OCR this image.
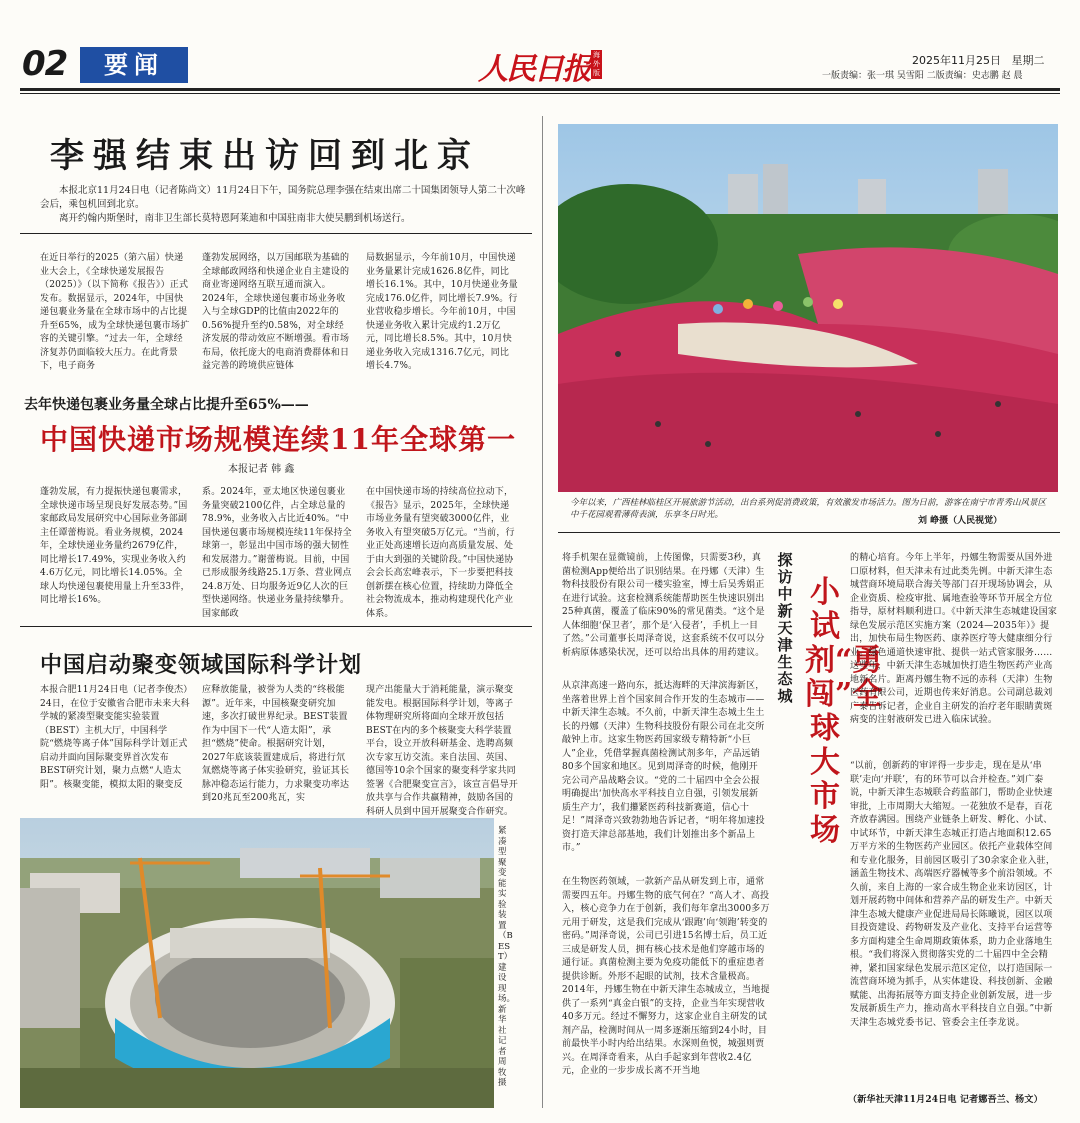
02	要闻	人民日报 海外版
2025年11月25日 星期二
一版责编：张一琪 吴雪阳 二版责编：史志鹏 赵 晨
李强结束出访回到北京

本报北京11月24日电（记者陈尚文）11月24日下午，国务院总理李强在结束出席二十国集团领导人第二十次峰会后，乘包机回到北京。

离开约翰内斯堡时，南非卫生部长莫特恩阿莱迪和中国驻南非大使吴鹏到机场送行。

在近日举行的2025（第六届）快递业大会上，《全球快递发展报告（2025）》（以下简称《报告》）正式发布。数据显示，2024年，中国快递包裹业务量在全球市场中的占比提升至65%，成为全球快递包裹市场扩容的关键引擎。“过去一年，全球经济复苏仍面临较大压力。在此背景下，电子商务
蓬勃发展网络，以万国邮联为基础的全球邮政网络和快递企业自主建设的商业寄递网络互联互通而演入。2024年，全球快递包裹市场业务收入与全球GDP的比值由2022年的0.56%提升至约0.58%，对全球经济发展的带动效应不断增强。看市场布局，依托庞大的电商消费群体和日益完善的跨境供应链体
局数据显示，今年前10月，中国快递业务量累计完成1626.8亿件，同比增长16.1%。其中，10月快递业务量完成176.0亿件，同比增长7.9%。行业营收稳步增长。今年前10月，中国快递业务收入累计完成约1.2万亿元，同比增长8.5%。其中，10月快递业务收入完成1316.7亿元，同比增长4.7%。
去年快递包裹业务量全球占比提升至65%——
中国快递市场规模连续11年全球第一
本报记者 韩 鑫
蓬勃发展，有力提振快递包裹需求，全球快递市场呈现良好发展态势。”国家邮政局发展研究中心国际业务部副主任谭蕾梅说。看业务规模，2024年，全球快递业务量约2679亿件，同比增长17.49%，实现业务收入约4.6万亿元，同比增长14.05%。全球人均快递包裹使用量上升至33件，同比增长16%。
系。2024年，亚太地区快递包裹业务量突破2100亿件，占全球总量的78.9%，业务收入占比近40%。“中国快递包裹市场规模连续11年保持全球第一，彰显出中国市场的强大韧性和发展潜力。”谢蕾梅说。目前，中国已形成服务线路25.1万条、营业网点24.8万处、日均服务近9亿人次的巨型快递网络。快递业务量持续攀升。国家邮政
在中国快递市场的持续高位拉动下，《报告》显示，2025年，全球快递市场业务量有望突破3000亿件，业务收入有望突破5万亿元。“当前，行业正处高速增长迈向高质量发展、处于由大到强的关键阶段。”中国快递协会会长高宏峰表示，下一步要把科技创新摆在核心位置，持续助力降低全社会物流成本，推动构建现代化产业体系。
中国启动聚变领域国际科学计划
本报合肥11月24日电（记者李俊杰）24日，在位于安徽省合肥市未来大科学城的紧凑型聚变能实验装置（BEST）主机大厅，中国科学院“燃烧等离子体”国际科学计划正式启动并面向国际聚变界首次发布BEST研究计划，聚力点燃“人造太阳”。核聚变能，模拟太阳的聚变反
应释放能量，被誉为人类的“终极能源”。近年来，中国核聚变研究加速，多次打破世界纪录。BEST装置作为中国下一代“人造太阳”，承担“燃烧”使命。根据研究计划，2027年底该装置建成后，将进行氘氚燃烧等离子体实验研究，验证其长脉冲稳态运行能力，力求聚变功率达到20兆瓦至200兆瓦，实
现产出能量大于消耗能量，演示聚变能发电。根据国际科学计划，等离子体物理研究所将面向全球开放包括BEST在内的多个核聚变大科学装置平台，设立开放科研基金、选聘高频次专家互访交流。来自法国、英国、德国等10余个国家的聚变科学家共同签署《合肥聚变宣言》，该宣言倡导开放共享与合作共赢精神，鼓励各国的科研人员到中国开展聚变合作研究。
紧凑型聚变能实验装置（BEST）建设现场。新华社记者 周 牧摄
今年以来，广西桂林临桂区开展旅游节活动，出台系列促消费政策，有效激发市场活力。图为日前，游客在南宁市青秀山风景区中千花园观看薄荷表演，乐享冬日时光。
刘 峥摄（人民视觉）
探访中新天津生态城
小试剂“勇闯”全球大市场
将手机架在显微镜前，上传图像，只需要3秒，真菌检测App便给出了识别结果。在丹娜（天津）生物科技股份有限公司一楼实验室，博士后吴秀娟正在进行试验。这套检测系统能帮助医生快速识别出25种真菌，覆盖了临床90%的常见菌类。“这个是人体细胞‘保卫者’，那个是‘入侵者’，手机上一目了然。”公司董事长周泽奇说，这套系统不仅可以分析病原体感染状况，还可以给出具体的用药建议。
从京津高速一路向东，抵达海畔的天津滨海新区，坐落着世界上首个国家间合作开发的生态城市——中新天津生态城。不久前，中新天津生态城土生土长的丹娜（天津）生物科技股份有限公司在北交所敲钟上市。这家生物医药国家级专精特新“小巨人”企业，凭借掌握真菌检测试剂多年，产品远销80多个国家和地区。见到周泽奇的时候，他刚开完公司产品战略会议。“党的二十届四中全会公报明确提出‘加快高水平科技自立自强，引领发展新质生产力’，我们攥紧医药科技新赛道，信心十足！”周泽奇兴致勃勃地告诉记者，“明年将加速投资打造天津总部基地，我们计划推出多个新品上市。”
在生物医药领域，一款新产品从研发到上市，通常需要四五年。丹娜生物的底气何在？“高人才、高投入，核心竞争力在于创新，我们每年拿出3000多万元用于研发，这是我们完成从‘跟跑’向‘领跑’转变的密码。”周泽奇说，公司已引进15名博士后，员工近三成是研发人员，拥有核心技术是他们穿越市场的通行证。真菌检测主要为免疫功能低下的重症患者提供诊断。外形不起眼的试剂，技术含量极高。2014年，丹娜生物在中新天津生态城成立，当地提供了一系列“真金白银”的支持，企业当年实现营收40多万元。经过不懈努力，这家企业自主研发的试剂产品，检测时间从一周多逐渐压缩到24小时，目前最快半小时内给出结果。水深则鱼悦，城强则贾兴。在周泽奇看来，从白手起家到年营收2.4亿元，企业的一步步成长离不开当地
的精心培育。今年上半年，丹娜生物需要从国外进口原材料，但天津未有过此类先例。中新天津生态城营商环境局联合海关等部门召开现场协调会，从企业资质、检疫审批、属地查验等环节开展全方位指导，原材料顺利进口。《中新天津生态城建设国家绿色发展示范区实施方案（2024—2035年）》提出，加快布局生物医药、康养医疗等大健康细分行业。绿色通道快速审批、提供一站式管家服务……这些年，中新天津生态城加快打造生物医药产业高地新名片。距离丹娜生物不远的赤科（天津）生物医药有限公司，近期也传来好消息。公司副总裁刘广泰告诉记者，企业自主研发的治疗老年眼睛黄斑病变的注射液研发已进入临床试验。
“以前，创新药的审评得一步步走，现在是从‘串联’走向‘并联’，有的环节可以合并检查。”刘广泰说，中新天津生态城联合药监部门，帮助企业快速审批，上市周期大大缩短。一花独放不是春，百花齐放春满园。围绕产业链条上研发、孵化、小试、中试环节，中新天津生态城正打造占地面积12.65万平方米的生物医药产业园区。依托产业载体空间和专业化服务，目前园区吸引了30余家企业入驻，涵盖生物技术、高端医疗器械等多个前沿领域。不久前，来自上海的一家合成生物企业来访园区，计划开展药物中间体和营养产品的研发生产。中新天津生态城大健康产业促进局局长陈曦说，园区以项目投资建设、药物研发及产业化、支持平台运营等多方面构建全生命周期政策体系，助力企业落地生根。“我们将深入贯彻落实党的二十届四中全会精神，紧扣国家绿色发展示范区定位，以打造国际一流营商环境为抓手，从实体建设、科技创新、金融赋能、出海拓展等方面支持企业创新发展，进一步发展新质生产力，推动高水平科技自立自强。”中新天津生态城党委书记、管委会主任李龙说。
（新华社天津11月24日电 记者娜吾兰、杨文）
